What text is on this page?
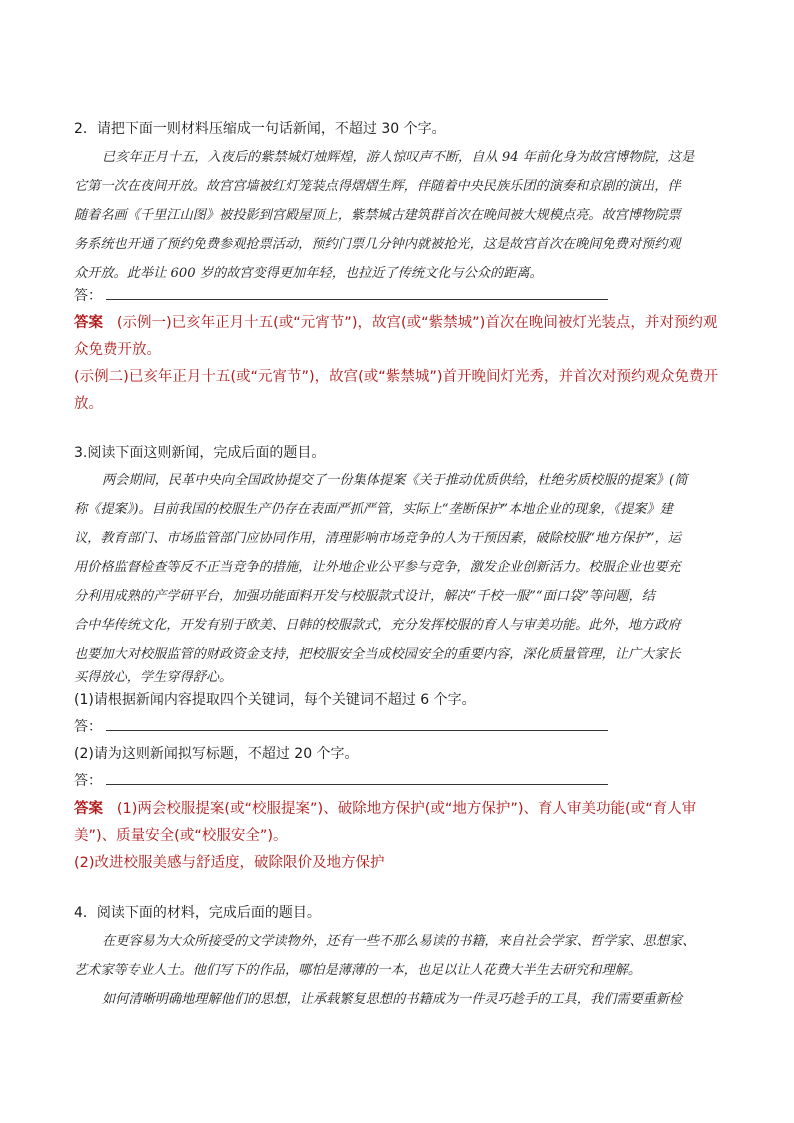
2．请把下面一则材料压缩成一句话新闻，不超过 30 个字。
已亥年正月十五，入夜后的紫禁城灯烛辉煌，游人惊叹声不断，自从 94 年前化身为故宫博物院，这是
它第一次在夜间开放。故宫宫墙被红灯笼装点得熠熠生辉，伴随着中央民族乐团的演奏和京剧的演出，伴
随着名画《千里江山图》被投影到宫殿屋顶上，紫禁城古建筑群首次在晚间被大规模点亮。故宫博物院票
务系统也开通了预约免费参观抢票活动，预约门票几分钟内就被抢光，这是故宫首次在晚间免费对预约观
众开放。此举让 600 岁的故宫变得更加年轻，也拉近了传统文化与公众的距离。
答：
答案 (示例一)已亥年正月十五(或“元宵节”)，故宫(或“紫禁城”)首次在晚间被灯光装点，并对预约观
众免费开放。
(示例二)已亥年正月十五(或“元宵节”)，故宫(或“紫禁城”)首开晚间灯光秀，并首次对预约观众免费开
放。
3.阅读下面这则新闻，完成后面的题目。
两会期间，民革中央向全国政协提交了一份集体提案《关于推动优质供给，杜绝劣质校服的提案》(简
称《提案》)。目前我国的校服生产仍存在表面严抓严管，实际上“垄断保护”本地企业的现象，《提案》建
议，教育部门、市场监管部门应协同作用，清理影响市场竞争的人为干预因素，破除校服“地方保护”，运
用价格监督检查等反不正当竞争的措施，让外地企业公平参与竞争，激发企业创新活力。校服企业也要充
分利用成熟的产学研平台，加强功能面料开发与校服款式设计，解决“千校一服”“面口袋”等问题，结
合中华传统文化，开发有别于欧美、日韩的校服款式，充分发挥校服的育人与审美功能。此外，地方政府
也要加大对校服监管的财政资金支持，把校服安全当成校园安全的重要内容，深化质量管理，让广大家长
买得放心，学生穿得舒心。
(1)请根据新闻内容提取四个关键词，每个关键词不超过 6 个字。
答：
(2)请为这则新闻拟写标题，不超过 20 个字。
答：
答案 (1)两会校服提案(或“校服提案”)、破除地方保护(或“地方保护”)、育人审美功能(或“育人审
美”)、质量安全(或“校服安全”)。
(2)改进校服美感与舒适度，破除限价及地方保护
4．阅读下面的材料，完成后面的题目。
在更容易为大众所接受的文学读物外，还有一些不那么易读的书籍，来自社会学家、哲学家、思想家、
艺术家等专业人士。他们写下的作品，哪怕是薄薄的一本，也足以让人花费大半生去研究和理解。
如何清晰明确地理解他们的思想，让承载繁复思想的书籍成为一件灵巧趁手的工具，我们需要重新检
